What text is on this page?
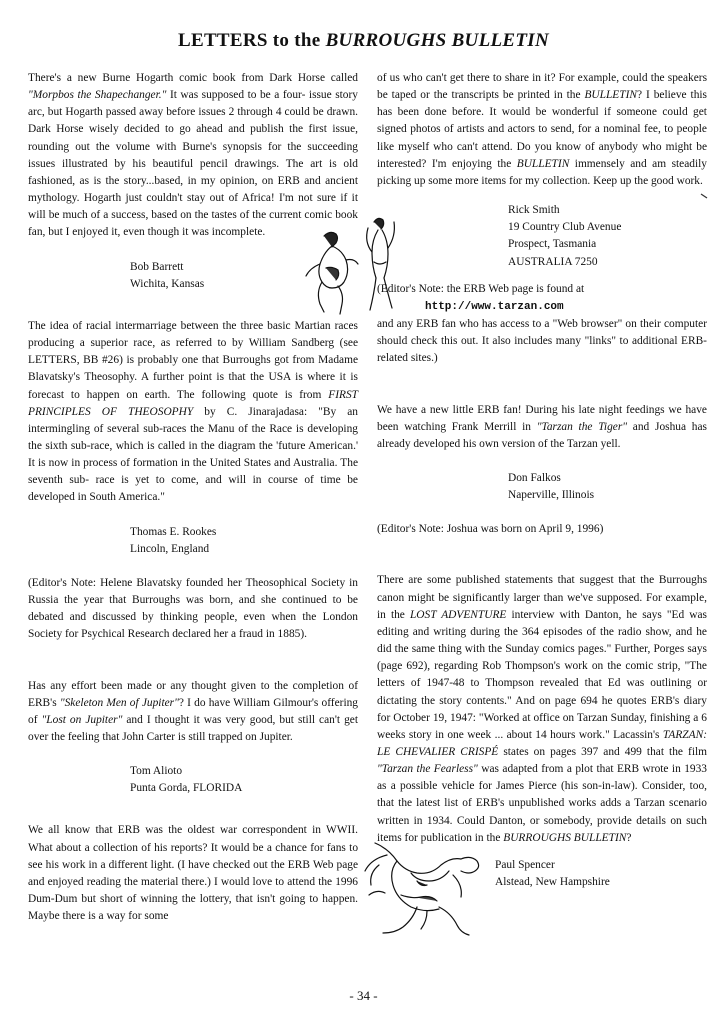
LETTERS to the BURROUGHS BULLETIN

There's a new Burne Hogarth comic book from Dark Horse called "Morpbos the Shapechanger." It was supposed to be a four- issue story arc, but Hogarth passed away before issues 2 through 4 could be drawn. Dark Horse wisely decided to go ahead and publish the first issue, rounding out the volume with Burne's synopsis for the succeeding issues illustrated by his beautiful pencil drawings. The art is old fashioned, as is the story...based, in my opinion, on ERB and ancient mythology. Hogarth just couldn't stay out of Africa! I'm not sure if it will be much of a success, based on the tastes of the current comic book fan, but I enjoyed it, even though it was incomplete.

Bob Barrett
Wichita, Kansas

The idea of racial intermarriage between the three basic Martian races producing a superior race, as referred to by William Sandberg (see LETTERS, BB #26) is probably one that Burroughs got from Madame Blavatsky's Theosophy. A further point is that the USA is where it is forecast to happen on earth. The following quote is from FIRST PRINCIPLES OF THEOSOPHY by C. Jinarajadasa: "By an intermingling of several sub-races the Manu of the Race is developing the sixth sub-race, which is called in the diagram the 'future American.' It is now in process of formation in the United States and Australia. The seventh sub- race is yet to come, and will in course of time be developed in South America."

Thomas E. Rookes
Lincoln, England

(Editor's Note: Helene Blavatsky founded her Theosophical Society in Russia the year that Burroughs was born, and she continued to be debated and discussed by thinking people, even when the London Society for Psychical Research declared her a fraud in 1885).

Has any effort been made or any thought given to the completion of ERB's "Skeleton Men of Jupiter"? I do have William Gilmour's offering of "Lost on Jupiter" and I thought it was very good, but still can't get over the feeling that John Carter is still trapped on Jupiter.

Tom Alioto
Punta Gorda, FLORIDA

We all know that ERB was the oldest war correspondent in WWII. What about a collection of his reports? It would be a chance for fans to see his work in a different light. (I have checked out the ERB Web page and enjoyed reading the material there.) I would love to attend the 1996 Dum-Dum but short of winning the lottery, that isn't going to happen. Maybe there is a way for some

of us who can't get there to share in it? For example, could the speakers be taped or the transcripts be printed in the BULLETIN? I believe this has been done before. It would be wonderful if someone could get signed photos of artists and actors to send, for a nominal fee, to people like myself who can't attend. Do you know of anybody who might be interested? I'm enjoying the BULLETIN immensely and am steadily picking up some more items for my collection. Keep up the good work.

Rick Smith
19 Country Club Avenue
Prospect, Tasmania
AUSTRALIA 7250
(Editor's Note: the ERB Web page is found at
http://www.tarzan.com

and any ERB fan who has access to a "Web browser" on their computer should check this out. It also includes many "links" to additional ERB-related sites.)

We have a new little ERB fan! During his late night feedings we have been watching Frank Merrill in "Tarzan the Tiger" and Joshua has already developed his own version of the Tarzan yell.

Don Falkos
Naperville, Illinois
(Editor's Note: Joshua was born on April 9, 1996)

There are some published statements that suggest that the Burroughs canon might be significantly larger than we've supposed. For example, in the LOST ADVENTURE interview with Danton, he says "Ed was editing and writing during the 364 episodes of the radio show, and he did the same thing with the Sunday comics pages." Further, Porges says (page 692), regarding Rob Thompson's work on the comic strip, "The letters of 1947-48 to Thompson revealed that Ed was outlining or dictating the story contents." And on page 694 he quotes ERB's diary for October 19, 1947: "Worked at office on Tarzan Sunday, finishing a 6 weeks story in one week ... about 14 hours work." Lacassin's TARZAN: LE CHEVALIER CRISPÉ states on pages 397 and 499 that the film "Tarzan the Fearless" was adapted from a plot that ERB wrote in 1933 as a possible vehicle for James Pierce (his son-in-law). Consider, too, that the latest list of ERB's unpublished works adds a Tarzan scenario written in 1934. Could Danton, or somebody, provide details on such items for publication in the BURROUGHS BULLETIN?

Paul Spencer
Alstead, New Hampshire
- 34 -
